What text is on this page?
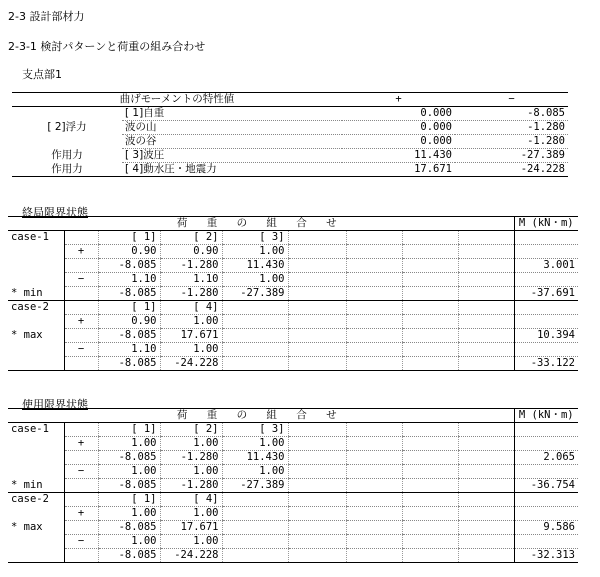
2-3 設計部材力
2-3-1 検討パターンと荷重の組み合わせ
支点部1
曲げモーメントの特性値		+	−
	[ 1]自重	0.000	-8.085
[ 2]浮力	波の山	0.000	-1.280
	波の谷	0.000	-1.280
作用力	[ 3]波圧	11.430	-27.389
作用力	[ 4]動水圧・地震力	17.671	-24.228
終局限界状態
荷 重 の 組 合 せ									M (kN・m)
case-1		[ 1]	[ 2]	[ 3]					
	+	0.90	0.90	1.00					
		-8.085	-1.280	11.430					3.001
	−	1.10	1.10	1.00					
* min		-8.085	-1.280	-27.389					-37.691
case-2		[ 1]	[ 4]						
	+	0.90	1.00						
* max		-8.085	17.671						10.394
	−	1.10	1.00						
		-8.085	-24.228						-33.122
使用限界状態
荷 重 の 組 合 せ									M (kN・m)
case-1		[ 1]	[ 2]	[ 3]					
	+	1.00	1.00	1.00					
		-8.085	-1.280	11.430					2.065
	−	1.00	1.00	1.00					
* min		-8.085	-1.280	-27.389					-36.754
case-2		[ 1]	[ 4]						
	+	1.00	1.00						
* max		-8.085	17.671						9.586
	−	1.00	1.00						
		-8.085	-24.228						-32.313
